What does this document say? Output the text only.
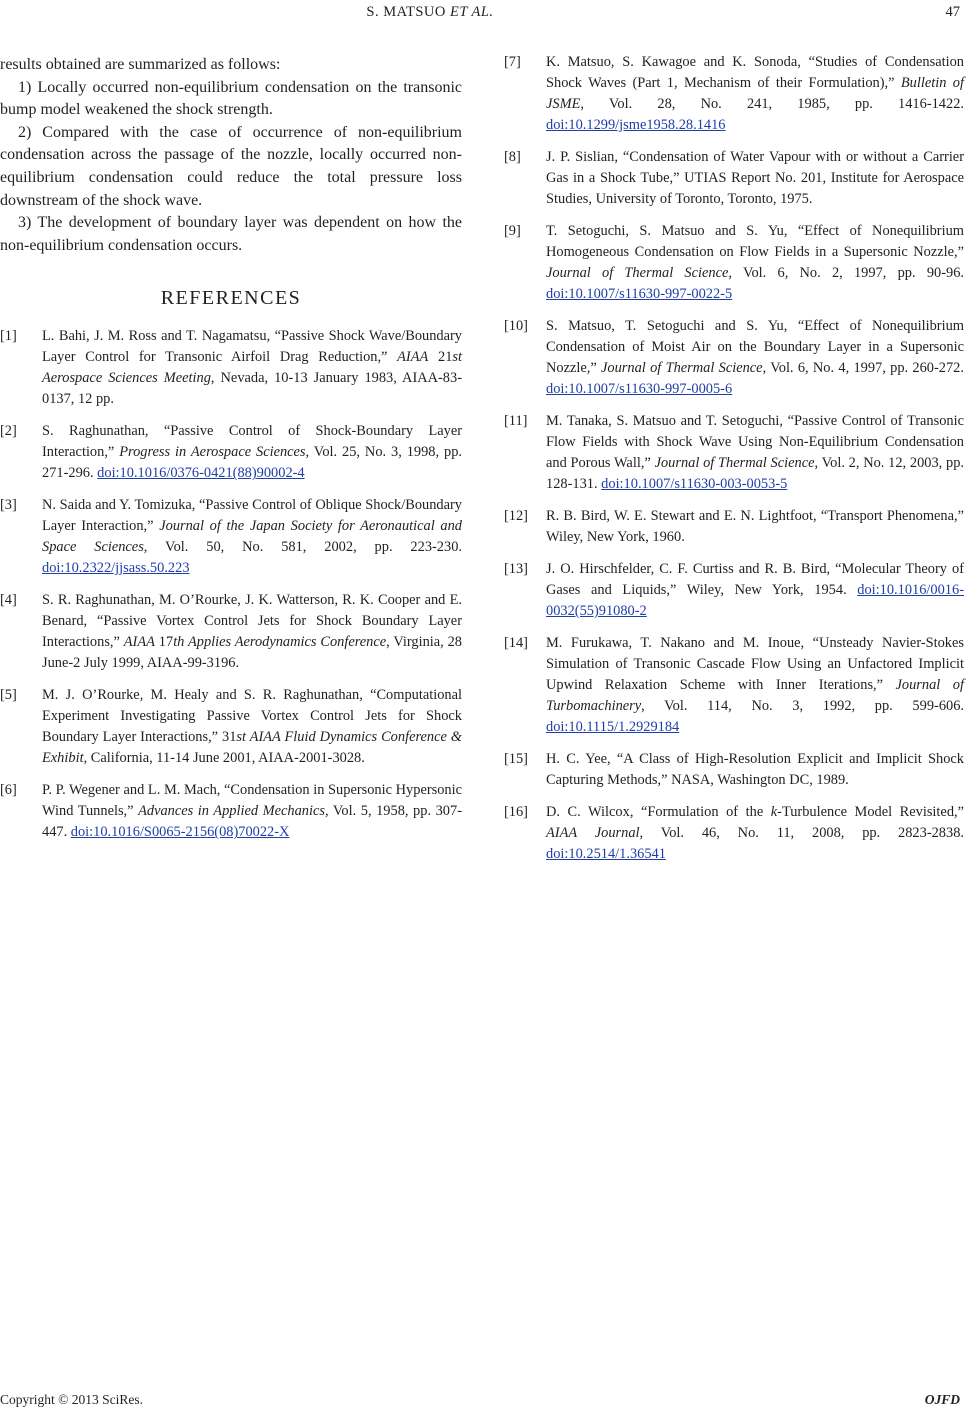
S. MATSUO ET AL.	47

results obtained are summarized as follows:

1) Locally occurred non-equilibrium condensation on the transonic bump model weakened the shock strength.

2) Compared with the case of occurrence of non-equilibrium condensation across the passage of the nozzle, locally occurred non-equilibrium condensation could reduce the total pressure loss downstream of the shock wave.

3) The development of boundary layer was dependent on how the non-equilibrium condensation occurs.

REFERENCES
[1] L. Bahi, J. M. Ross and T. Nagamatsu, “Passive Shock Wave/Boundary Layer Control for Transonic Airfoil Drag Reduction,” AIAA 21st Aerospace Sciences Meeting, Nevada, 10-13 January 1983, AIAA-83-0137, 12 pp.
[2] S. Raghunathan, “Passive Control of Shock-Boundary Layer Interaction,” Progress in Aerospace Sciences, Vol. 25, No. 3, 1998, pp. 271-296. doi:10.1016/0376-0421(88)90002-4
[3] N. Saida and Y. Tomizuka, “Passive Control of Oblique Shock/Boundary Layer Interaction,” Journal of the Japan Society for Aeronautical and Space Sciences, Vol. 50, No. 581, 2002, pp. 223-230. doi:10.2322/jjsass.50.223
[4] S. R. Raghunathan, M. O’Rourke, J. K. Watterson, R. K. Cooper and E. Benard, “Passive Vortex Control Jets for Shock Boundary Layer Interactions,” AIAA 17th Applies Aerodynamics Conference, Virginia, 28 June-2 July 1999, AIAA-99-3196.
[5] M. J. O’Rourke, M. Healy and S. R. Raghunathan, “Computational Experiment Investigating Passive Vortex Control Jets for Shock Boundary Layer Interactions,” 31st AIAA Fluid Dynamics Conference & Exhibit, California, 11-14 June 2001, AIAA-2001-3028.
[6] P. P. Wegener and L. M. Mach, “Condensation in Supersonic Hypersonic Wind Tunnels,” Advances in Applied Mechanics, Vol. 5, 1958, pp. 307-447. doi:10.1016/S0065-2156(08)70022-X
[7] K. Matsuo, S. Kawagoe and K. Sonoda, “Studies of Condensation Shock Waves (Part 1, Mechanism of their Formulation),” Bulletin of JSME, Vol. 28, No. 241, 1985, pp. 1416-1422. doi:10.1299/jsme1958.28.1416
[8] J. P. Sislian, “Condensation of Water Vapour with or without a Carrier Gas in a Shock Tube,” UTIAS Report No. 201, Institute for Aerospace Studies, University of Toronto, Toronto, 1975.
[9] T. Setoguchi, S. Matsuo and S. Yu, “Effect of Nonequilibrium Homogeneous Condensation on Flow Fields in a Supersonic Nozzle,” Journal of Thermal Science, Vol. 6, No. 2, 1997, pp. 90-96. doi:10.1007/s11630-997-0022-5
[10] S. Matsuo, T. Setoguchi and S. Yu, “Effect of Nonequilibrium Condensation of Moist Air on the Boundary Layer in a Supersonic Nozzle,” Journal of Thermal Science, Vol. 6, No. 4, 1997, pp. 260-272. doi:10.1007/s11630-997-0005-6
[11] M. Tanaka, S. Matsuo and T. Setoguchi, “Passive Control of Transonic Flow Fields with Shock Wave Using Non-Equilibrium Condensation and Porous Wall,” Journal of Thermal Science, Vol. 2, No. 12, 2003, pp. 128-131. doi:10.1007/s11630-003-0053-5
[12] R. B. Bird, W. E. Stewart and E. N. Lightfoot, “Transport Phenomena,” Wiley, New York, 1960.
[13] J. O. Hirschfelder, C. F. Curtiss and R. B. Bird, “Molecular Theory of Gases and Liquids,” Wiley, New York, 1954. doi:10.1016/0016-0032(55)91080-2
[14] M. Furukawa, T. Nakano and M. Inoue, “Unsteady Navier-Stokes Simulation of Transonic Cascade Flow Using an Unfactored Implicit Upwind Relaxation Scheme with Inner Iterations,” Journal of Turbomachinery, Vol. 114, No. 3, 1992, pp. 599-606. doi:10.1115/1.2929184
[15] H. C. Yee, “A Class of High-Resolution Explicit and Implicit Shock Capturing Methods,” NASA, Washington DC, 1989.
[16] D. C. Wilcox, “Formulation of the k-Turbulence Model Revisited,” AIAA Journal, Vol. 46, No. 11, 2008, pp. 2823-2838. doi:10.2514/1.36541
Copyright © 2013 SciRes.	OJFD
